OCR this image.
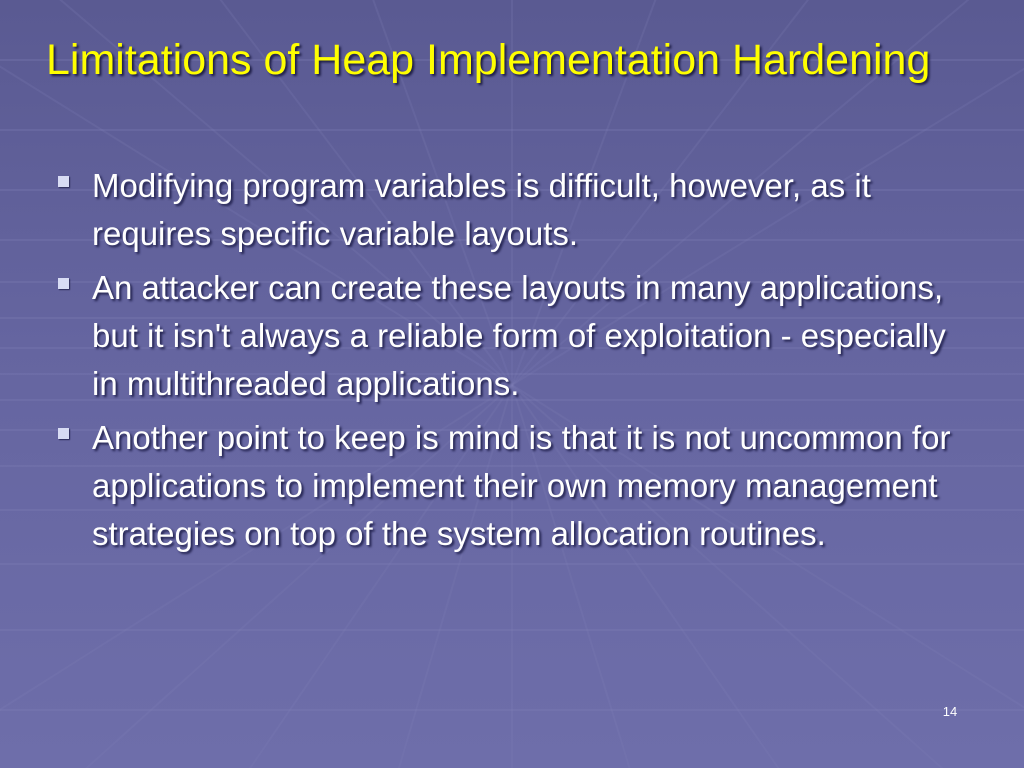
Limitations of Heap Implementation Hardening
Modifying program variables is difficult, however, as it requires specific variable layouts.
An attacker can create these layouts in many applications, but it isn't always a reliable form of exploitation - especially in multithreaded applications.
Another point to keep is mind is that it is not uncommon for applications to implement their own memory management strategies on top of the system allocation routines.
14
